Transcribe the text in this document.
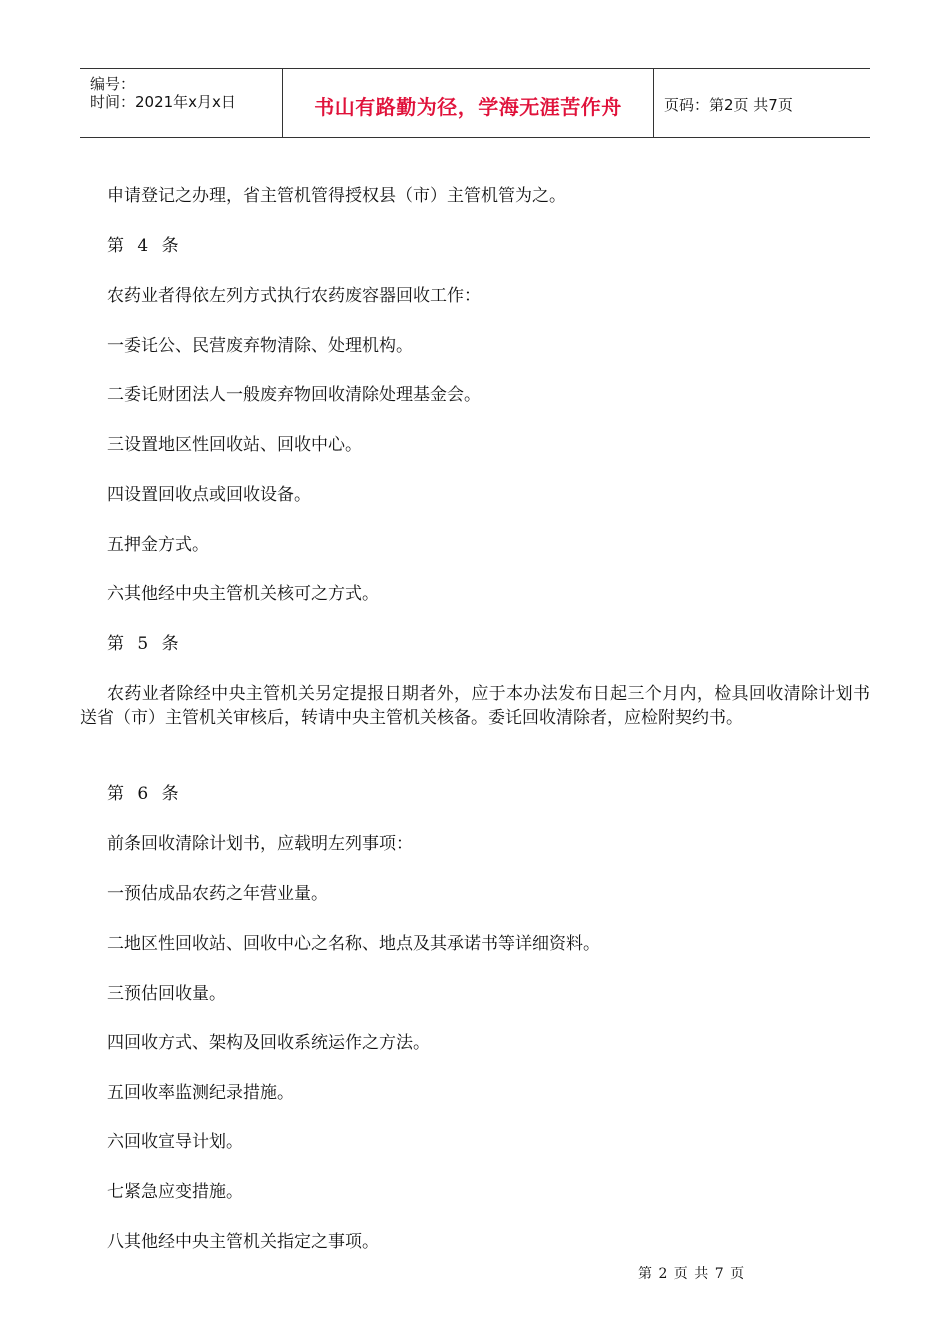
编号：
时间：2021年x月x日	书山有路勤为径，学海无涯苦作舟	页码：第2页 共7页
申请登记之办理，省主管机管得授权县（市）主管机管为之。
第 4 条
农药业者得依左列方式执行农药废容器回收工作：
一委讬公、民营废弃物清除、处理机构。
二委讬财团法人一般废弃物回收清除处理基金会。
三设置地区性回收站、回收中心。
四设置回收点或回收设备。
五押金方式。
六其他经中央主管机关核可之方式。
第 5 条
农药业者除经中央主管机关另定提报日期者外，应于本办法发布日起三个月内，检具回收清除计划书送省（市）主管机关审核后，转请中央主管机关核备。委讬回收清除者，应检附契约书。
第 6 条
前条回收清除计划书，应载明左列事项：
一预估成品农药之年营业量。
二地区性回收站、回收中心之名称、地点及其承诺书等详细资料。
三预估回收量。
四回收方式、架构及回收系统运作之方法。
五回收率监测纪录措施。
六回收宣导计划。
七紧急应变措施。
八其他经中央主管机关指定之事项。
第 2 页 共 7 页
